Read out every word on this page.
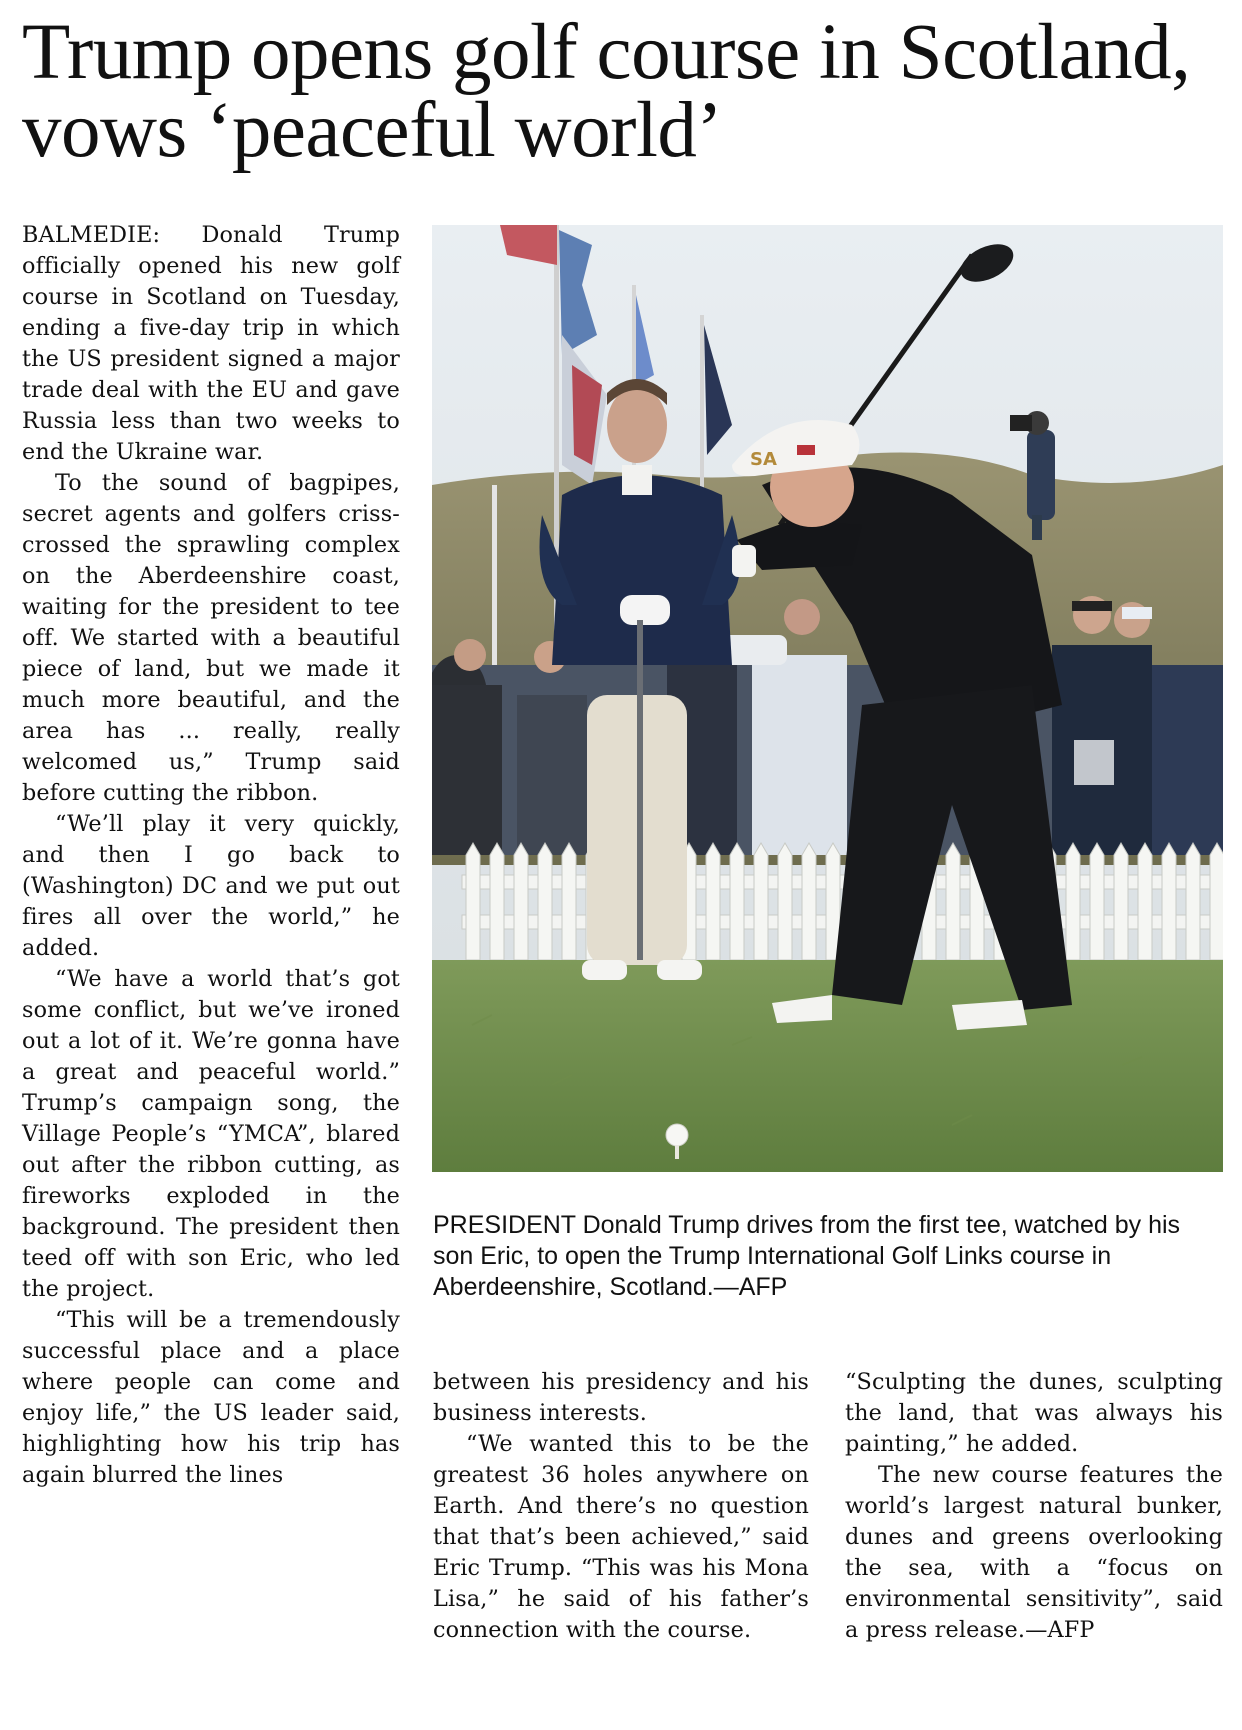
Trump opens golf course in Scotland, vows ‘peaceful world’

BALMEDIE: Donald Trump officially opened his new golf course in Scotland on Tuesday, ending a five-day trip in which the US president signed a major trade deal with the EU and gave Russia less than two weeks to end the Ukraine war.

To the sound of bagpipes, secret agents and golfers criss-crossed the sprawling complex on the Aberdeenshire coast, waiting for the president to tee off. We started with a beautiful piece of land, but we made it much more beautiful, and the area has ... really, really welcomed us,” Trump said before cutting the ribbon.

“We’ll play it very quickly, and then I go back to (Washington) DC and we put out fires all over the world,” he added.

“We have a world that’s got some conflict, but we’ve ironed out a lot of it. We’re gonna have a great and peaceful world.” Trump’s campaign song, the Village People’s “YMCA”, blared out after the ribbon cutting, as fireworks exploded in the background. The president then teed off with son Eric, who led the project.

“This will be a tremendously successful place and a place where people can come and enjoy life,” the US leader said, highlighting how his trip has again blurred the lines

SA
PRESIDENT Donald Trump drives from the first tee, watched by his son Eric, to open the Trump International Golf Links course in Aberdeenshire, Scotland.—AFP

between his presidency and his business interests.

“We wanted this to be the greatest 36 holes anywhere on Earth. And there’s no question that that’s been achieved,” said Eric Trump. “This was his Mona Lisa,” he said of his father’s connection with the course.

“Sculpting the dunes, sculpting the land, that was always his painting,” he added.

The new course features the world’s largest natural bunker, dunes and greens overlooking the sea, with a “focus on environmental sensitivity”, said a press release.—AFP
